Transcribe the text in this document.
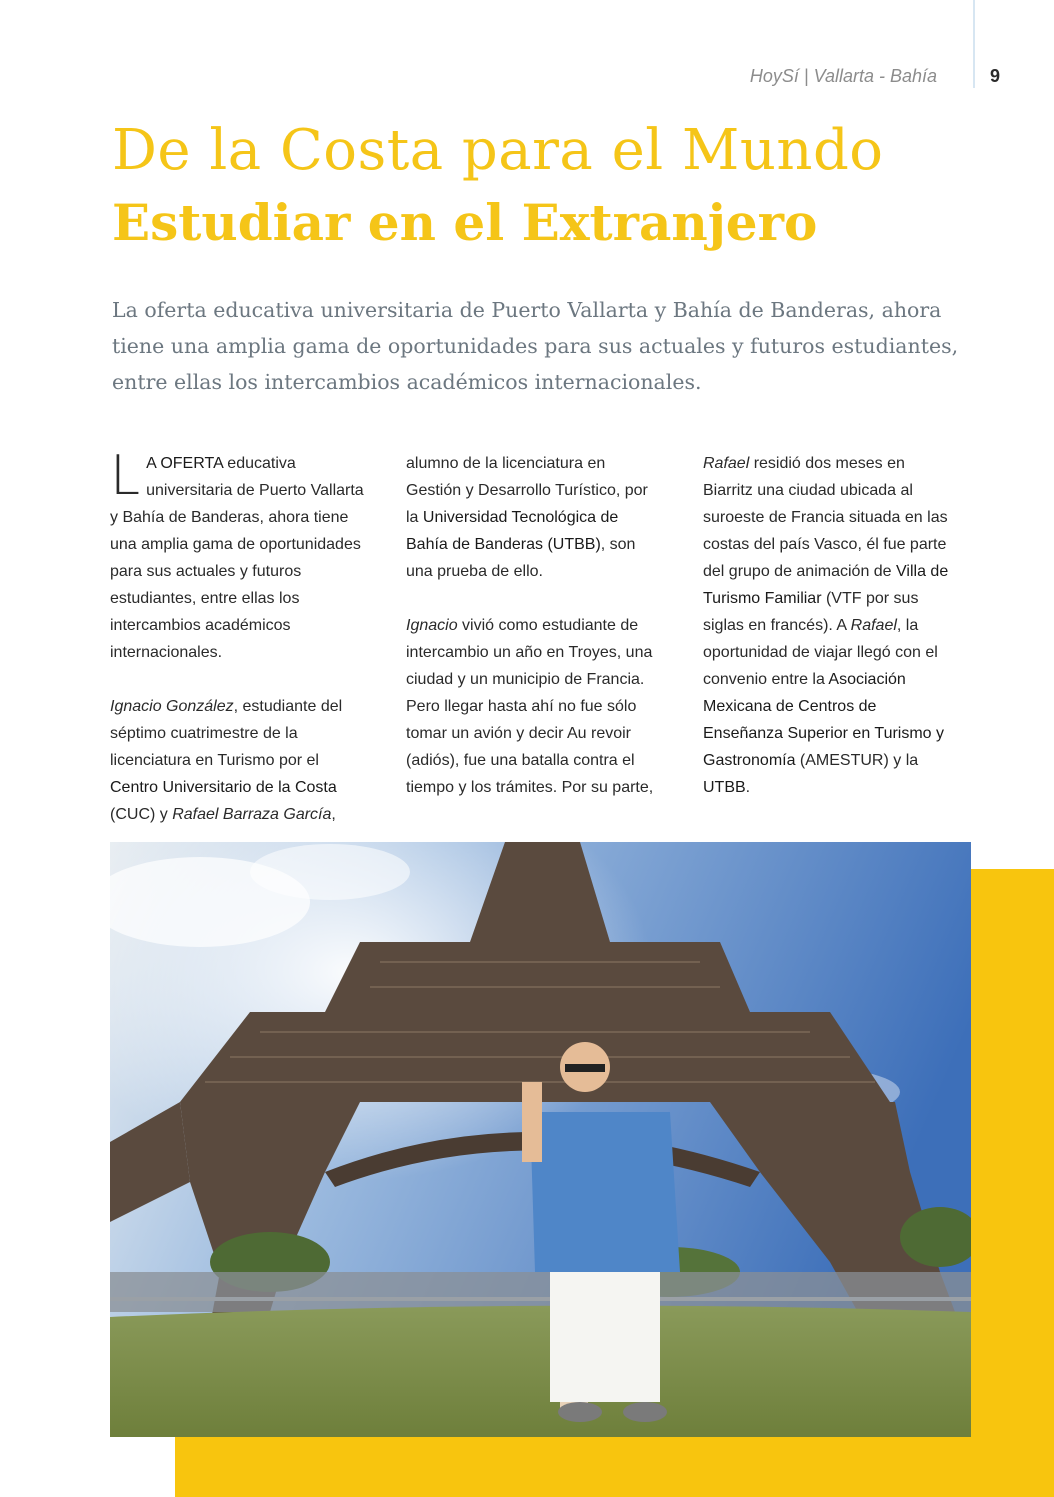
HoySí | Vallarta - Bahía	9
De la Costa para el Mundo
Estudiar en el Extranjero

La oferta educativa universitaria de Puerto Vallarta y Bahía de Banderas, ahora tiene una amplia gama de oportunidades para sus actuales y futuros estudiantes, entre ellas los intercambios académicos internacionales.

L A OFERTA educativa universitaria de Puerto Vallarta y Bahía de Banderas, ahora tiene una amplia gama de oportunidades para sus actuales y futuros estudiantes, entre ellas los intercambios académicos internacionales.

Ignacio González, estudiante del séptimo cuatrimestre de la licenciatura en Turismo por el Centro Universitario de la Costa (CUC) y Rafael Barraza García,

alumno de la licenciatura en Gestión y Desarrollo Turístico, por la Universidad Tecnológica de Bahía de Banderas (UTBB), son una prueba de ello.

Ignacio vivió como estudiante de intercambio un año en Troyes, una ciudad y un municipio de Francia. Pero llegar hasta ahí no fue sólo tomar un avión y decir Au revoir (adiós), fue una batalla contra el tiempo y los trámites. Por su parte,

Rafael residió dos meses en Biarritz una ciudad ubicada al suroeste de Francia situada en las costas del país Vasco, él fue parte del grupo de animación de Villa de Turismo Familiar (VTF por sus siglas en francés). A Rafael, la oportunidad de viajar llegó con el convenio entre la Asociación Mexicana de Centros de Enseñanza Superior en Turismo y Gastronomía (AMESTUR) y la UTBB.
